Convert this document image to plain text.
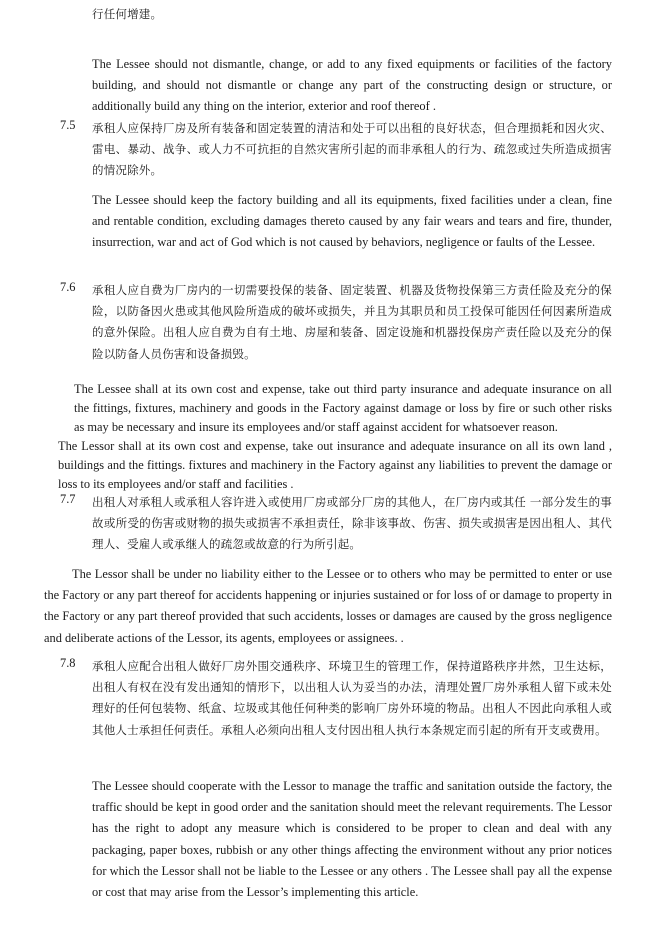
行任何增建。

The Lessee should not dismantle, change, or add to any fixed equipments or facilities of the factory building, and should not dismantle or change any part of the constructing design or structure, or additionally build any thing on the interior, exterior and roof thereof .

7.5 承租人应保持厂房及所有装备和固定装置的清洁和处于可以出租的良好状态，但合理损耗和因火灾、雷电、暴动、战争、或人力不可抗拒的自然灾害所引起的而非承租人的行为、疏忽或过失所造成损害的情况除外。

The Lessee should keep the factory building and all its equipments, fixed facilities under a clean, fine and rentable condition, excluding damages thereto caused by any fair wears and tears and fire, thunder, insurrection, war and act of God which is not caused by behaviors, negligence or faults of the Lessee.

7.6 承租人应自费为厂房内的一切需要投保的装备、固定装置、机器及货物投保第三方责任险及充分的保险，以防备因火患或其他风险所造成的破坏或损失，并且为其职员和员工投保可能因任何因素所造成的意外保险。出租人应自费为自有土地、房屋和装备、固定设施和机器投保房产责任险以及充分的保险以防备人员伤害和设备损毁。

The Lessee shall at its own cost and expense, take out third party insurance and adequate insurance on all the fittings, fixtures, machinery and goods in the Factory against damage or loss by fire or such other risks as may be necessary and insure its employees and/or staff against accident for whatsoever reason.

The Lessor shall at its own cost and expense, take out insurance and adequate insurance on all its own land , buildings and the fittings. fixtures and machinery in the Factory against any liabilities to prevent the damage or loss to its employees and/or staff and facilities .

7.7 出租人对承租人或承租人容许进入或使用厂房或部分厂房的其他人，在厂房内或其任 一部分发生的事故或所受的伤害或财物的损失或损害不承担责任，除非该事故、伤害、损失或损害是因出租人、其代理人、受雇人或承继人的疏忽或故意的行为所引起。

The Lessor shall be under no liability either to the Lessee or to others who may be permitted to enter or use the Factory or any part thereof for accidents happening or injuries sustained or for loss of or damage to property in the Factory or any part thereof provided that such accidents, losses or damages are caused by the gross negligence and deliberate actions of the Lessor, its agents, employees or assignees. .

7.8 承租人应配合出租人做好厂房外围交通秩序、环境卫生的管理工作，保持道路秩序井然，卫生达标， 出租人有权在没有发出通知的情形下，以出租人认为妥当的办法，清理处置厂房外承租人留下或未处理好的任何包装物、纸盒、垃圾或其他任何种类的影响厂房外环境的物品。出租人不因此向承租人或其他人士承担任何责任。承租人必须向出租人支付因出租人执行本条规定而引起的所有开支或费用。

The Lessee should cooperate with the Lessor to manage the traffic and sanitation outside the factory, the traffic should be kept in good order and the sanitation should meet the relevant requirements. The Lessor has the right to adopt any measure which is considered to be proper to clean and deal with any packaging, paper boxes, rubbish or any other things affecting the environment without any prior notices for which the Lessor shall not be liable to the Lessee or any others . The Lessee shall pay all the expense or cost that may arise from the Lessor’s implementing this article.
